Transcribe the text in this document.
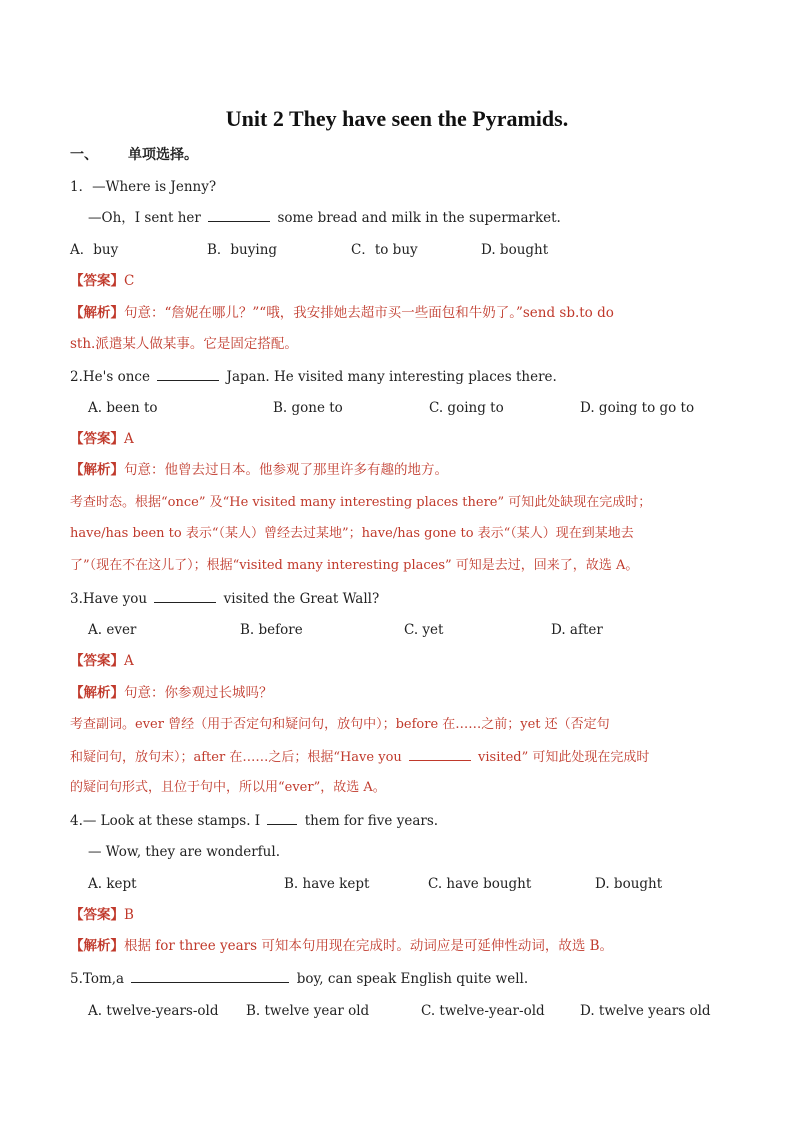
Unit 2 They have seen the Pyramids.
一、 单项选择。
1．—Where is Jenny?
—Oh，I sent her	some bread and milk in the supermarket.
A．buy	B．buying	C．to buy	D. bought
【答案】C
【解析】句意：“詹妮在哪儿？”“哦，我安排她去超市买一些面包和牛奶了。”send sb.to do
sth.派遣某人做某事。它是固定搭配。
2.He's once	Japan. He visited many interesting places there.
A. been to	B. gone to	C. going to	D. going to go to
【答案】A
【解析】句意：他曾去过日本。他参观了那里许多有趣的地方。
考查时态。根据“once” 及“He visited many interesting places there” 可知此处缺现在完成时；
have/has been to 表示“（某人）曾经去过某地”；have/has gone to 表示“（某人）现在到某地去
了”（现在不在这儿了）；根据“visited many interesting places” 可知是去过，回来了，故选 A。
3.Have you	visited the Great Wall?
A. ever	B. before	C. yet	D. after
【答案】A
【解析】句意：你参观过长城吗？
考查副词。ever 曾经（用于否定句和疑问句，放句中）；before 在……之前；yet 还（否定句
和疑问句，放句末）；after 在……之后；根据“Have you	visited” 可知此处现在完成时
的疑问句形式，且位于句中，所以用“ever”，故选 A。
4.— Look at these stamps. I	them for five years.
— Wow, they are wonderful.
A. kept	B. have kept	C. have bought	D. bought
【答案】B
【解析】根据 for three years 可知本句用现在完成时。动词应是可延伸性动词，故选 B。
5.Tom,a	boy, can speak English quite well.
A. twelve-years-old B. twelve year old	C. twelve-year-old	D. twelve years old
